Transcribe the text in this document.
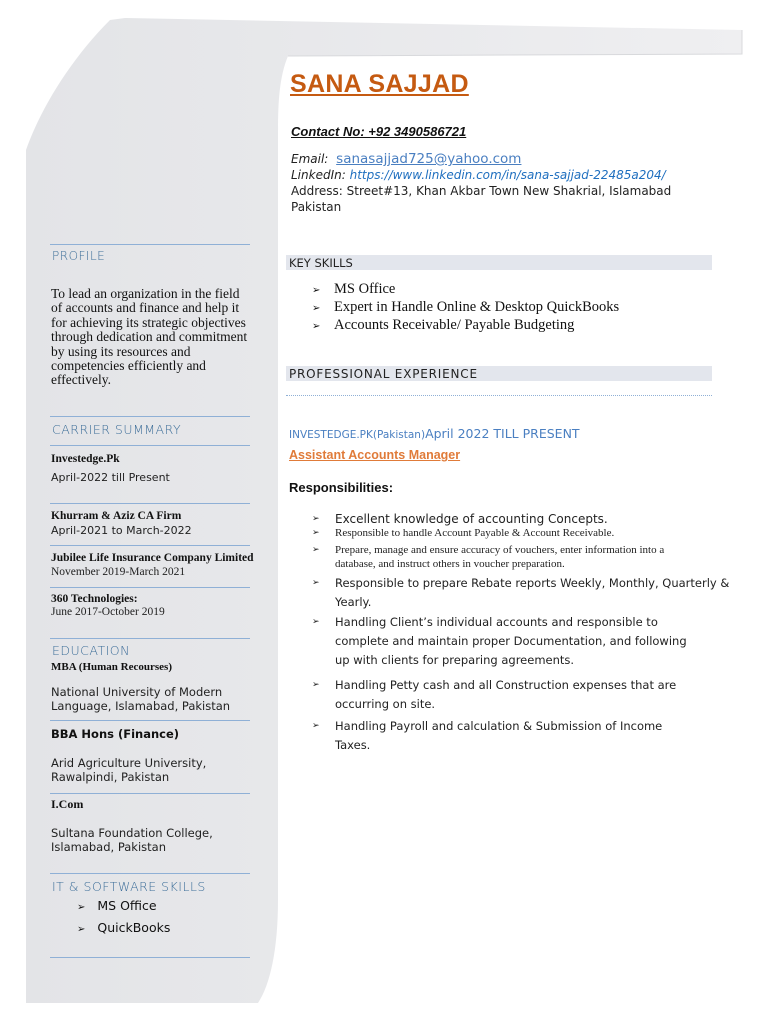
SANA SAJJAD
Contact No: +92 3490586721
Email: sanasajjad725@yahoo.com
LinkedIn: https://www.linkedin.com/in/sana-sajjad-22485a204/
Address: Street#13, Khan Akbar Town New Shakrial, Islamabad
Pakistan
PROFILE
To lead an organization in the field of accounts and finance and help it for achieving its strategic objectives through dedication and commitment by using its resources and competencies efficiently and effectively.
CARRIER SUMMARY
Investedge.Pk
April-2022 till Present
Khurram & Aziz CA Firm
April-2021 to March-2022
Jubilee Life Insurance Company Limited
November 2019-March 2021
360 Technologies:
June 2017-October 2019
EDUCATION
MBA (Human Recourses)
National University of Modern
Language, Islamabad, Pakistan
BBA Hons (Finance)
Arid Agriculture University,
Rawalpindi, Pakistan
I.Com
Sultana Foundation College,
Islamabad, Pakistan
IT & SOFTWARE SKILLS
➢ MS Office
➢ QuickBooks
KEY SKILLS
➢ MS Office
➢ Expert in Handle Online & Desktop QuickBooks
➢ Accounts Receivable/ Payable Budgeting
PROFESSIONAL EXPERIENCE
INVESTEDGE.PK(Pakistan)April 2022 TILL PRESENT
Assistant Accounts Manager
Responsibilities:
➢ Excellent knowledge of accounting Concepts.
➢ Responsible to handle Account Payable & Account Receivable.
➢ Prepare, manage and ensure accuracy of vouchers, enter information into a
database, and instruct others in voucher preparation.
➢ Responsible to prepare Rebate reports Weekly, Monthly, Quarterly &
Yearly.
➢ Handling Client’s individual accounts and responsible to
complete and maintain proper Documentation, and following
up with clients for preparing agreements.
➢ Handling Petty cash and all Construction expenses that are
occurring on site.
➢ Handling Payroll and calculation & Submission of Income
Taxes.
